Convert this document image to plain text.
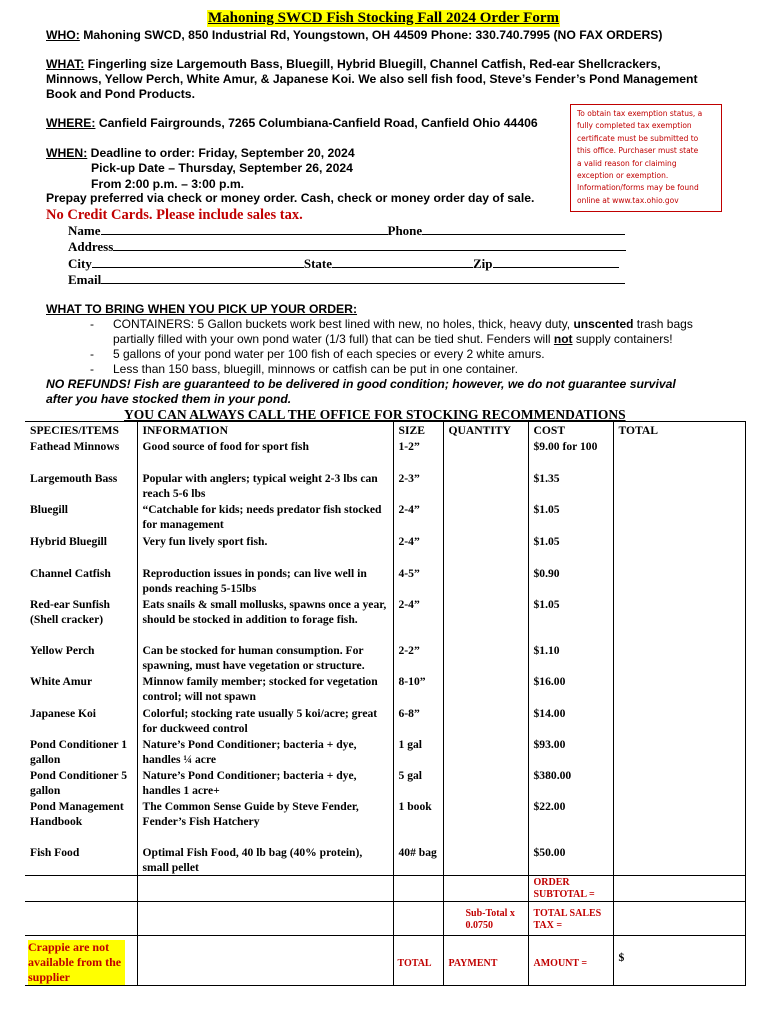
Mahoning SWCD Fish Stocking Fall 2024 Order Form
WHO: Mahoning SWCD, 850 Industrial Rd, Youngstown, OH 44509 Phone: 330.740.7995 (NO FAX ORDERS)
WHAT: Fingerling size Largemouth Bass, Bluegill, Hybrid Bluegill, Channel Catfish, Red-ear Shellcrackers,
Minnows, Yellow Perch, White Amur, & Japanese Koi. We also sell fish food, Steve’s Fender’s Pond Management
Book and Pond Products.
To obtain tax exemption status, a
fully completed tax exemption
certificate must be submitted to
this office. Purchaser must state
a valid reason for claiming
exception or exemption.
Information/forms may be found
online at www.tax.ohio.gov
WHERE: Canfield Fairgrounds, 7265 Columbiana-Canfield Road, Canfield Ohio 44406
WHEN: Deadline to order: Friday, September 20, 2024
Pick-up Date – Thursday, September 26, 2024
From 2:00 p.m. – 3:00 p.m.
Prepay preferred via check or money order. Cash, check or money order day of sale.
No Credit Cards. Please include sales tax.
Name	Phone
Address
City	State	Zip
Email
WHAT TO BRING WHEN YOU PICK UP YOUR ORDER:
- CONTAINERS: 5 Gallon buckets work best lined with new, no holes, thick, heavy duty, unscented trash bags
partially filled with your own pond water (1/3 full) that can be tied shut. Fenders will not supply containers!
- 5 gallons of your pond water per 100 fish of each species or every 2 white amurs.
- Less than 150 bass, bluegill, minnows or catfish can be put in one container.
NO REFUNDS! Fish are guaranteed to be delivered in good condition; however, we do not guarantee survival
after you have stocked them in your pond.
YOU CAN ALWAYS CALL THE OFFICE FOR STOCKING RECOMMENDATIONS
SPECIES/ITEMS	INFORMATION	SIZE	QUANTITY	COST	TOTAL
Fathead Minnows	Good source of food for sport fish	1-2”		$9.00 for 100	
Largemouth Bass	Popular with anglers; typical weight 2-3 lbs can reach 5-6 lbs	2-3”		$1.35	
Bluegill	“Catchable for kids; needs predator fish stocked for management	2-4”		$1.05	
Hybrid Bluegill	Very fun lively sport fish.	2-4”		$1.05	
Channel Catfish	Reproduction issues in ponds; can live well in ponds reaching 5-15lbs	4-5”		$0.90	
Red-ear Sunfish (Shell cracker)	Eats snails & small mollusks, spawns once a year, should be stocked in addition to forage fish.	2-4”		$1.05	
Yellow Perch	Can be stocked for human consumption. For spawning, must have vegetation or structure.	2-2”		$1.10	
White Amur	Minnow family member; stocked for vegetation control; will not spawn	8-10”		$16.00	
Japanese Koi	Colorful; stocking rate usually 5 koi/acre; great for duckweed control	6-8”		$14.00	
Pond Conditioner 1 gallon	Nature’s Pond Conditioner; bacteria + dye, handles ¼ acre	1 gal		$93.00	
Pond Conditioner 5 gallon	Nature’s Pond Conditioner; bacteria + dye, handles 1 acre+	5 gal		$380.00	
Pond Management Handbook	The Common Sense Guide by Steve Fender, Fender’s Fish Hatchery	1 book		$22.00	
Fish Food	Optimal Fish Food, 40 lb bag (40% protein), small pellet	40# bag		$50.00	
				ORDER SUBTOTAL =	
			Sub-Total x 0.0750	TOTAL SALES TAX =	

Crappie are not available from the supplier		TOTAL	PAYMENT	AMOUNT =	$
